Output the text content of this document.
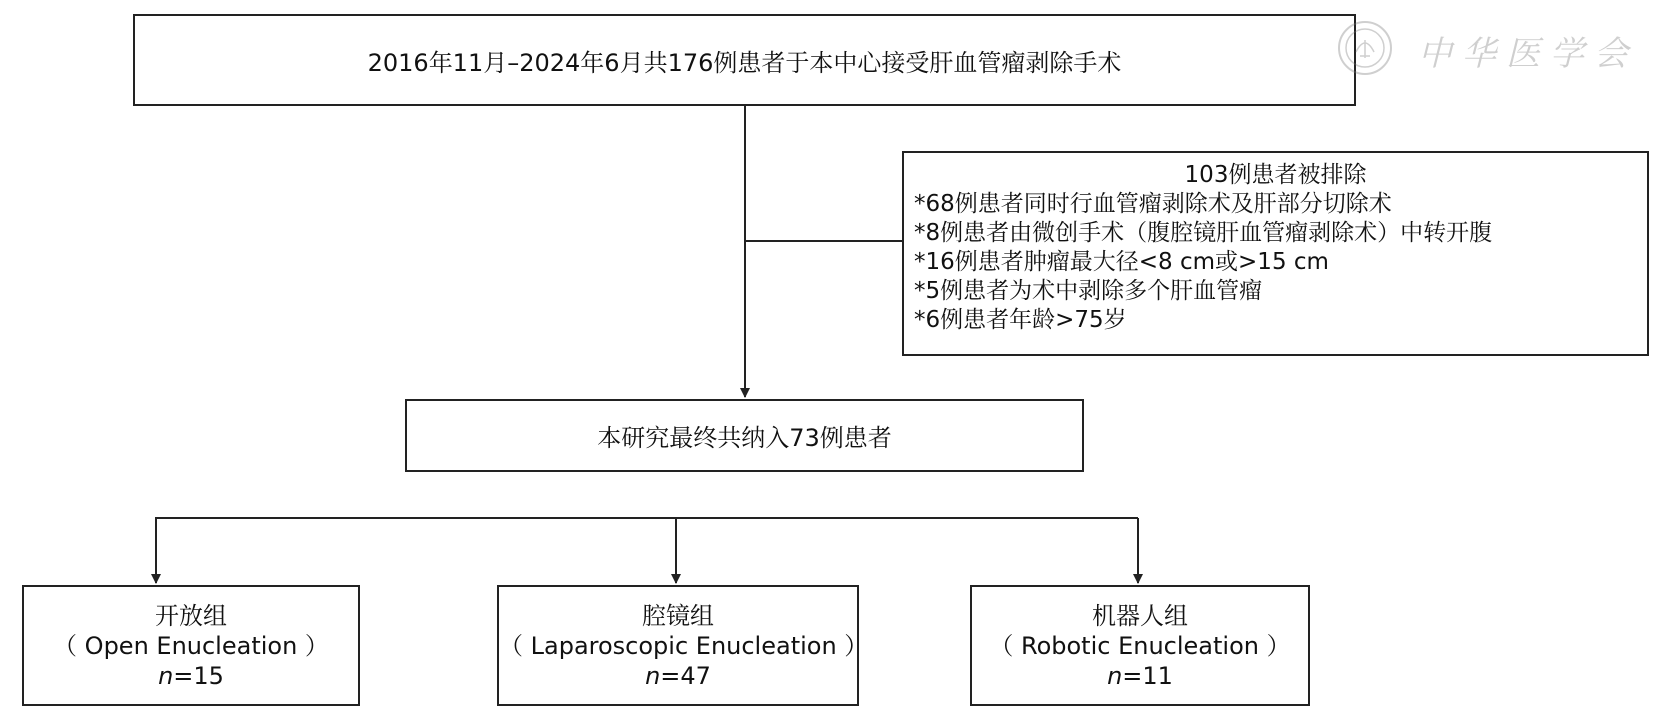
2016年11月–2024年6月共176例患者于本中心接受肝血管瘤剥除手术
103例患者被排除
*68例患者同时行血管瘤剥除术及肝部分切除术
*8例患者由微创手术（腹腔镜肝血管瘤剥除术）中转开腹
*16例患者肿瘤最大径<8 cm或>15 cm
*5例患者为术中剥除多个肝血管瘤
*6例患者年龄>75岁
本研究最终共纳入73例患者
开放组
（ Open Enucleation ）
n=15
腔镜组
（ Laparoscopic Enucleation ）
n=47
机器人组
（ Robotic Enucleation ）
n=11
中华医学会
